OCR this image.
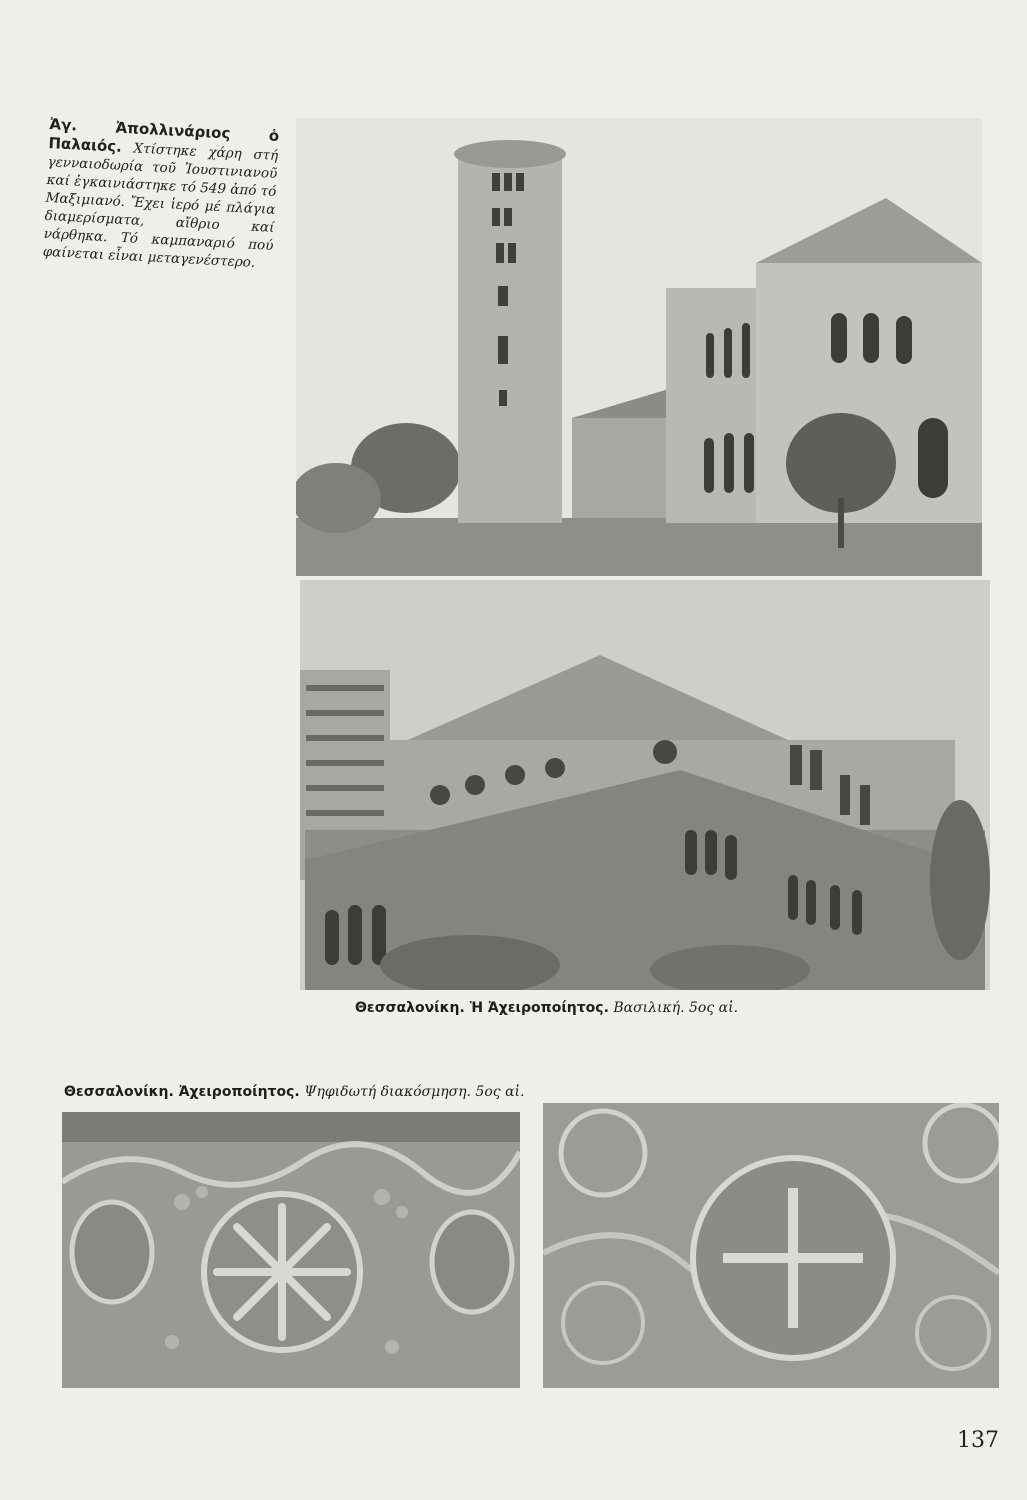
Ἀγ. Ἀπολλινάριος ὁ Παλαιός. Χτίστηκε χάρη στή γενναιοδωρία τοῦ Ἰουστινιανοῦ καί ἐγκαινιάστηκε τό 549 ἀπό τό Μαξιμιανό. Ἔχει ἱερό μέ πλάγια διαμερίσματα, αἴθριο καί νάρθηκα. Τό καμπαναριό πού φαίνεται εἶναι μεταγενέστερο.
Θεσσαλονίκη. Ἡ Ἀχειροποίητος. Βασιλική. 5ος αἰ.
Θεσσαλονίκη. Ἀχειροποίητος. Ψηφιδωτή διακόσμηση. 5ος αἰ.
137
